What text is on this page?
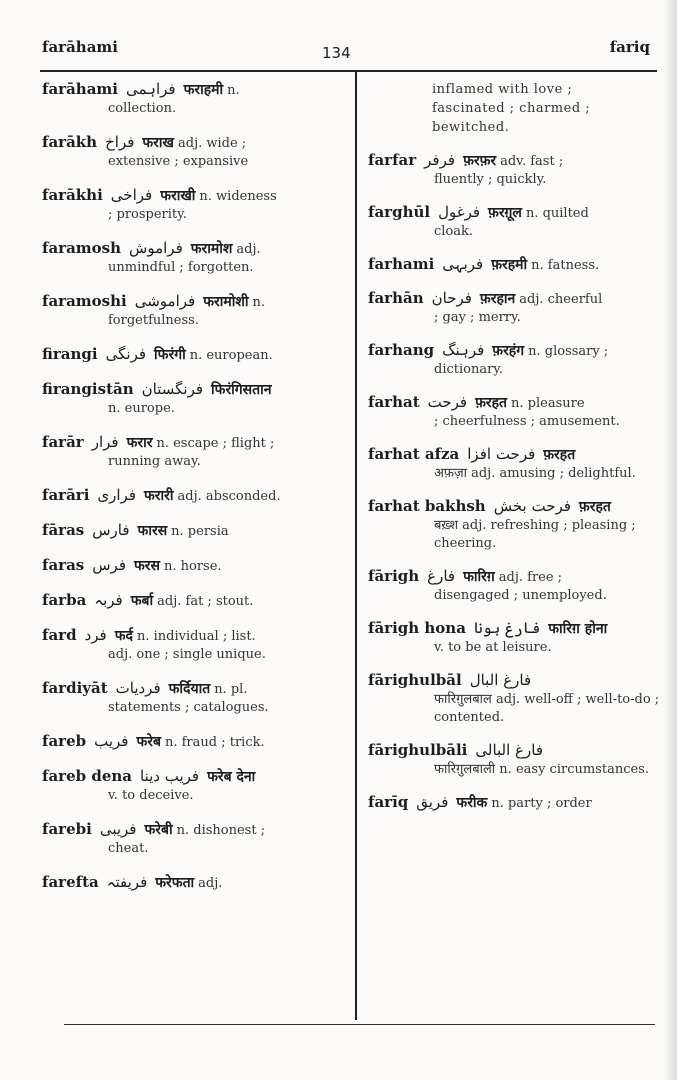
farāhami	134	fariq
farāhami فراہمی फराहमी n.
collection.
farākh فراخ फराख adj. wide ;
extensive ; expansive
farākhi فراخی फराखी n. wideness
; prosperity.
faramosh فراموش फरामोश adj.
unmindful ; forgotten.
faramoshi فراموشی फरामोशी n.
forgetfulness.
firangi فرنگی फिरंगी n. european.
firangistān فرنگستان फिरंगिसतान
n. europe.
farār فرار फरार n. escape ; flight ;
running away.
farāri فراری फरारी adj. absconded.
fāras فارس फारस n. persia
faras فرس फरस n. horse.
farba فربہ फर्बा adj. fat ; stout.
fard فرد फर्द n. individual ; list.
adj. one ; single unique.
fardiyāt فردیات फर्दियात n. pl.
statements ; catalogues.
fareb فریب फरेब n. fraud ; trick.
fareb dena فریب دینا फरेब देना
v. to deceive.
farebi فریبی फरेबी n. dishonest ;
cheat.
farefta فریفتہ फरेफता adj.
inflamed with love ;
fascinated ; charmed ;
bewitched.
farfar فرفر फ़रफ़र adv. fast ;
fluently ; quickly.
farghūl فرغول फ़रग़ूल n. quilted
cloak.
farhami فربہی फ़रहमी n. fatness.
farhān فرحان फ़रहान adj. cheerful
; gay ; merry.
farhang فرہنگ फ़रहंग n. glossary ;
dictionary.
farhat فرحت फ़रहत n. pleasure
; cheerfulness ; amusement.
farhat afza فرحت افزا फ़रहत
अफ़ज़ा adj. amusing ; delightful.
farhat bakhsh فرحت بخش फ़रहत
बख़्श adj. refreshing ; pleasing ; cheering.
fārigh فارغ फारिग़ adj. free ;
disengaged ; unemployed.
fārigh hona فارغ ہونا फारिग़ होना
v. to be at leisure.
fārighulbāl فارغ البال
फारिग़ुलबाल adj. well-off ; well-to-do ; contented.
fārighulbāli فارغ البالی
फारिग़ुलबाली n. easy circumstances.
farīq فریق फरीक n. party ; order
